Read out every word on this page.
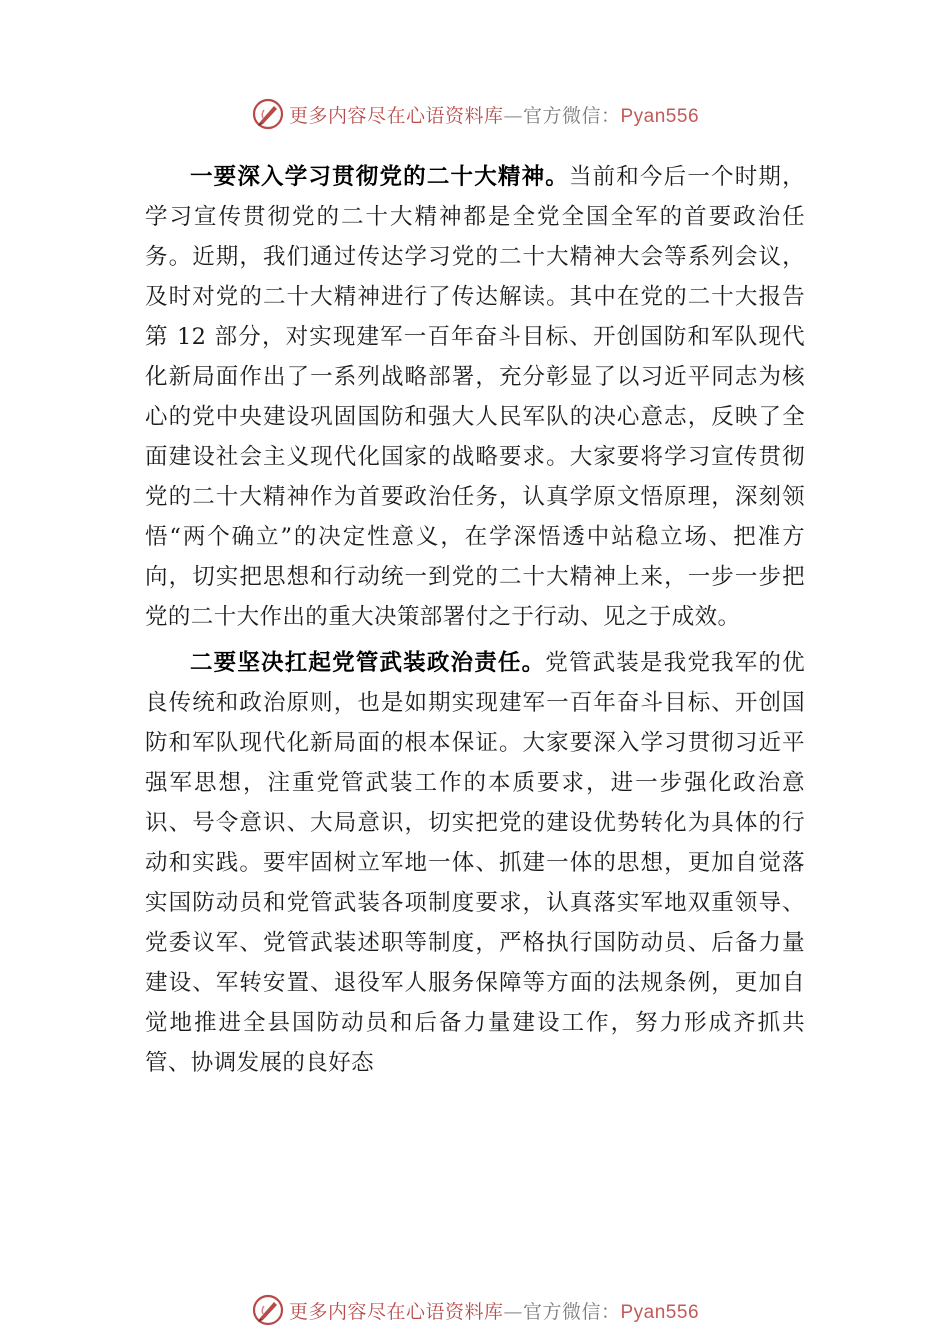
更多内容尽在心语资料库—官方微信：Pyan556

一要深入学习贯彻党的二十大精神。当前和今后一个时期，学习宣传贯彻党的二十大精神都是全党全国全军的首要政治任务。近期，我们通过传达学习党的二十大精神大会等系列会议，及时对党的二十大精神进行了传达解读。其中在党的二十大报告第 12 部分，对实现建军一百年奋斗目标、开创国防和军队现代化新局面作出了一系列战略部署，充分彰显了以习近平同志为核心的党中央建设巩固国防和强大人民军队的决心意志，反映了全面建设社会主义现代化国家的战略要求。大家要将学习宣传贯彻党的二十大精神作为首要政治任务，认真学原文悟原理，深刻领悟“两个确立”的决定性意义，在学深悟透中站稳立场、把准方向，切实把思想和行动统一到党的二十大精神上来，一步一步把党的二十大作出的重大决策部署付之于行动、见之于成效。

二要坚决扛起党管武装政治责任。党管武装是我党我军的优良传统和政治原则，也是如期实现建军一百年奋斗目标、开创国防和军队现代化新局面的根本保证。大家要深入学习贯彻习近平强军思想，注重党管武装工作的本质要求，进一步强化政治意识、号令意识、大局意识，切实把党的建设优势转化为具体的行动和实践。要牢固树立军地一体、抓建一体的思想，更加自觉落实国防动员和党管武装各项制度要求，认真落实军地双重领导、党委议军、党管武装述职等制度，严格执行国防动员、后备力量建设、军转安置、退役军人服务保障等方面的法规条例，更加自觉地推进全县国防动员和后备力量建设工作，努力形成齐抓共管、协调发展的良好态

更多内容尽在心语资料库—官方微信：Pyan556
